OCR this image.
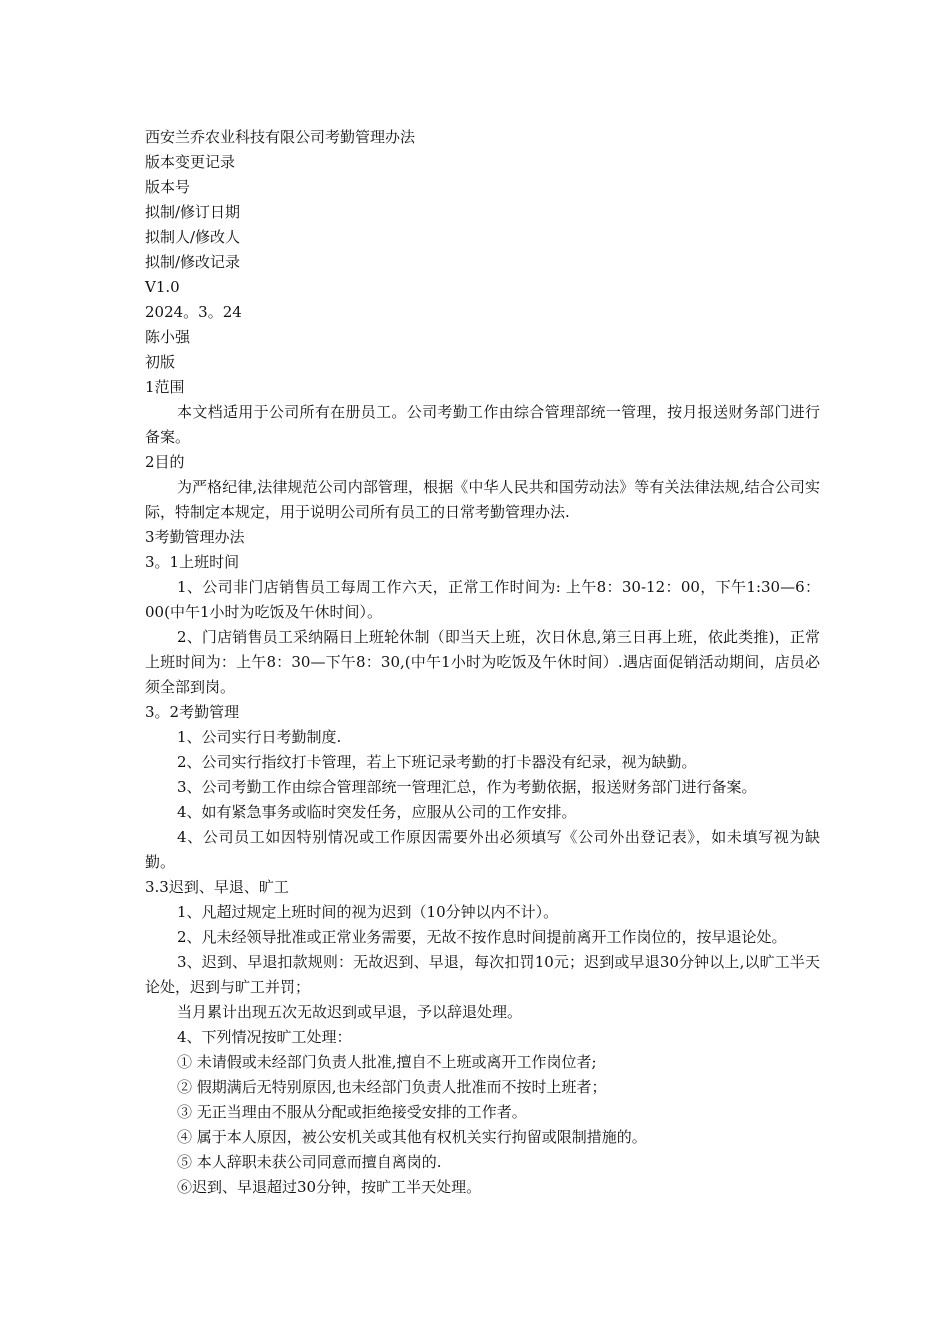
西安兰乔农业科技有限公司考勤管理办法

版本变更记录

版本号

拟制/修订日期

拟制人/修改人

拟制/修改记录

V1.0

2024。3。24

陈小强

初版

1范围

本文档适用于公司所有在册员工。公司考勤工作由综合管理部统一管理，按月报送财务部门进行备案。

2目的

为严格纪律,法律规范公司内部管理，根据《中华人民共和国劳动法》等有关法律法规,结合公司实际，特制定本规定，用于说明公司所有员工的日常考勤管理办法.

3考勤管理办法

3。1上班时间

1、公司非门店销售员工每周工作六天，正常工作时间为: 上午8：30-12：00，下午1:30—6：00(中午1小时为吃饭及午休时间）。

2、门店销售员工采纳隔日上班轮休制（即当天上班，次日休息,第三日再上班，依此类推)，正常上班时间为：上午8：30—下午8：30,(中午1小时为吃饭及午休时间）.遇店面促销活动期间，店员必须全部到岗。

3。2考勤管理

1、公司实行日考勤制度.

2、公司实行指纹打卡管理，若上下班记录考勤的打卡器没有纪录，视为缺勤。

3、公司考勤工作由综合管理部统一管理汇总，作为考勤依据，报送财务部门进行备案。

4、如有紧急事务或临时突发任务，应服从公司的工作安排。

4、公司员工如因特别情况或工作原因需要外出必须填写《公司外出登记表》，如未填写视为缺勤。

3.3迟到、早退、旷工

1、凡超过规定上班时间的视为迟到（10分钟以内不计）。

2、凡未经领导批准或正常业务需要，无故不按作息时间提前离开工作岗位的，按早退论处。

3、迟到、早退扣款规则：无故迟到、早退，每次扣罚10元；迟到或早退30分钟以上,以旷工半天论处，迟到与旷工并罚；

当月累计出现五次无故迟到或早退，予以辞退处理。

4、下列情况按旷工处理：

① 未请假或未经部门负责人批准,擅自不上班或离开工作岗位者;

② 假期满后无特别原因,也未经部门负责人批准而不按时上班者；

③ 无正当理由不服从分配或拒绝接受安排的工作者。

④ 属于本人原因，被公安机关或其他有权机关实行拘留或限制措施的。

⑤ 本人辞职未获公司同意而擅自离岗的.

⑥迟到、早退超过30分钟，按旷工半天处理。
